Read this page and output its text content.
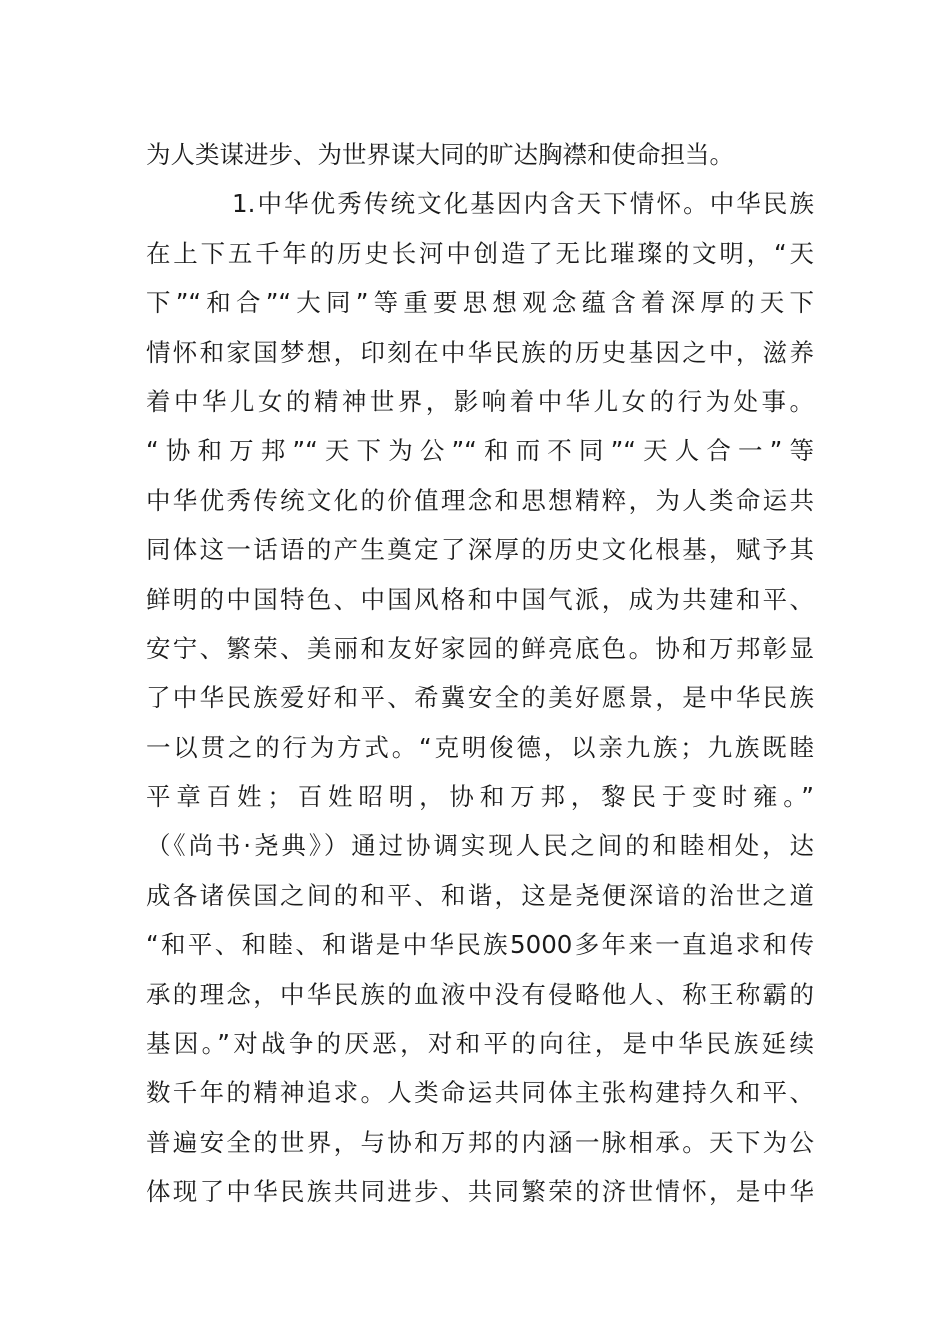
为人类谋进步、为世界谋大同的旷达胸襟和使命担当。
1.中华优秀传统文化基因内含天下情怀。中华民族
在上下五千年的历史长河中创造了无比璀璨的文明，“天
下”“和合”“大同”等重要思想观念蕴含着深厚的天下
情怀和家国梦想，印刻在中华民族的历史基因之中，滋养
着中华儿女的精神世界，影响着中华儿女的行为处事。
“协和万邦”“天下为公”“和而不同”“天人合一”等
中华优秀传统文化的价值理念和思想精粹，为人类命运共
同体这一话语的产生奠定了深厚的历史文化根基，赋予其
鲜明的中国特色、中国风格和中国气派，成为共建和平、
安宁、繁荣、美丽和友好家园的鲜亮底色。协和万邦彰显
了中华民族爱好和平、希冀安全的美好愿景，是中华民族
一以贯之的行为方式。“克明俊德，以亲九族；九族既睦
平章百姓；百姓昭明，协和万邦，黎民于变时雍。”
（《尚书·尧典》）通过协调实现人民之间的和睦相处，达
成各诸侯国之间的和平、和谐，这是尧便深谙的治世之道
“和平、和睦、和谐是中华民族5000多年来一直追求和传
承的理念，中华民族的血液中没有侵略他人、称王称霸的
基因。”对战争的厌恶，对和平的向往，是中华民族延续
数千年的精神追求。人类命运共同体主张构建持久和平、
普遍安全的世界，与协和万邦的内涵一脉相承。天下为公
体现了中华民族共同进步、共同繁荣的济世情怀，是中华
